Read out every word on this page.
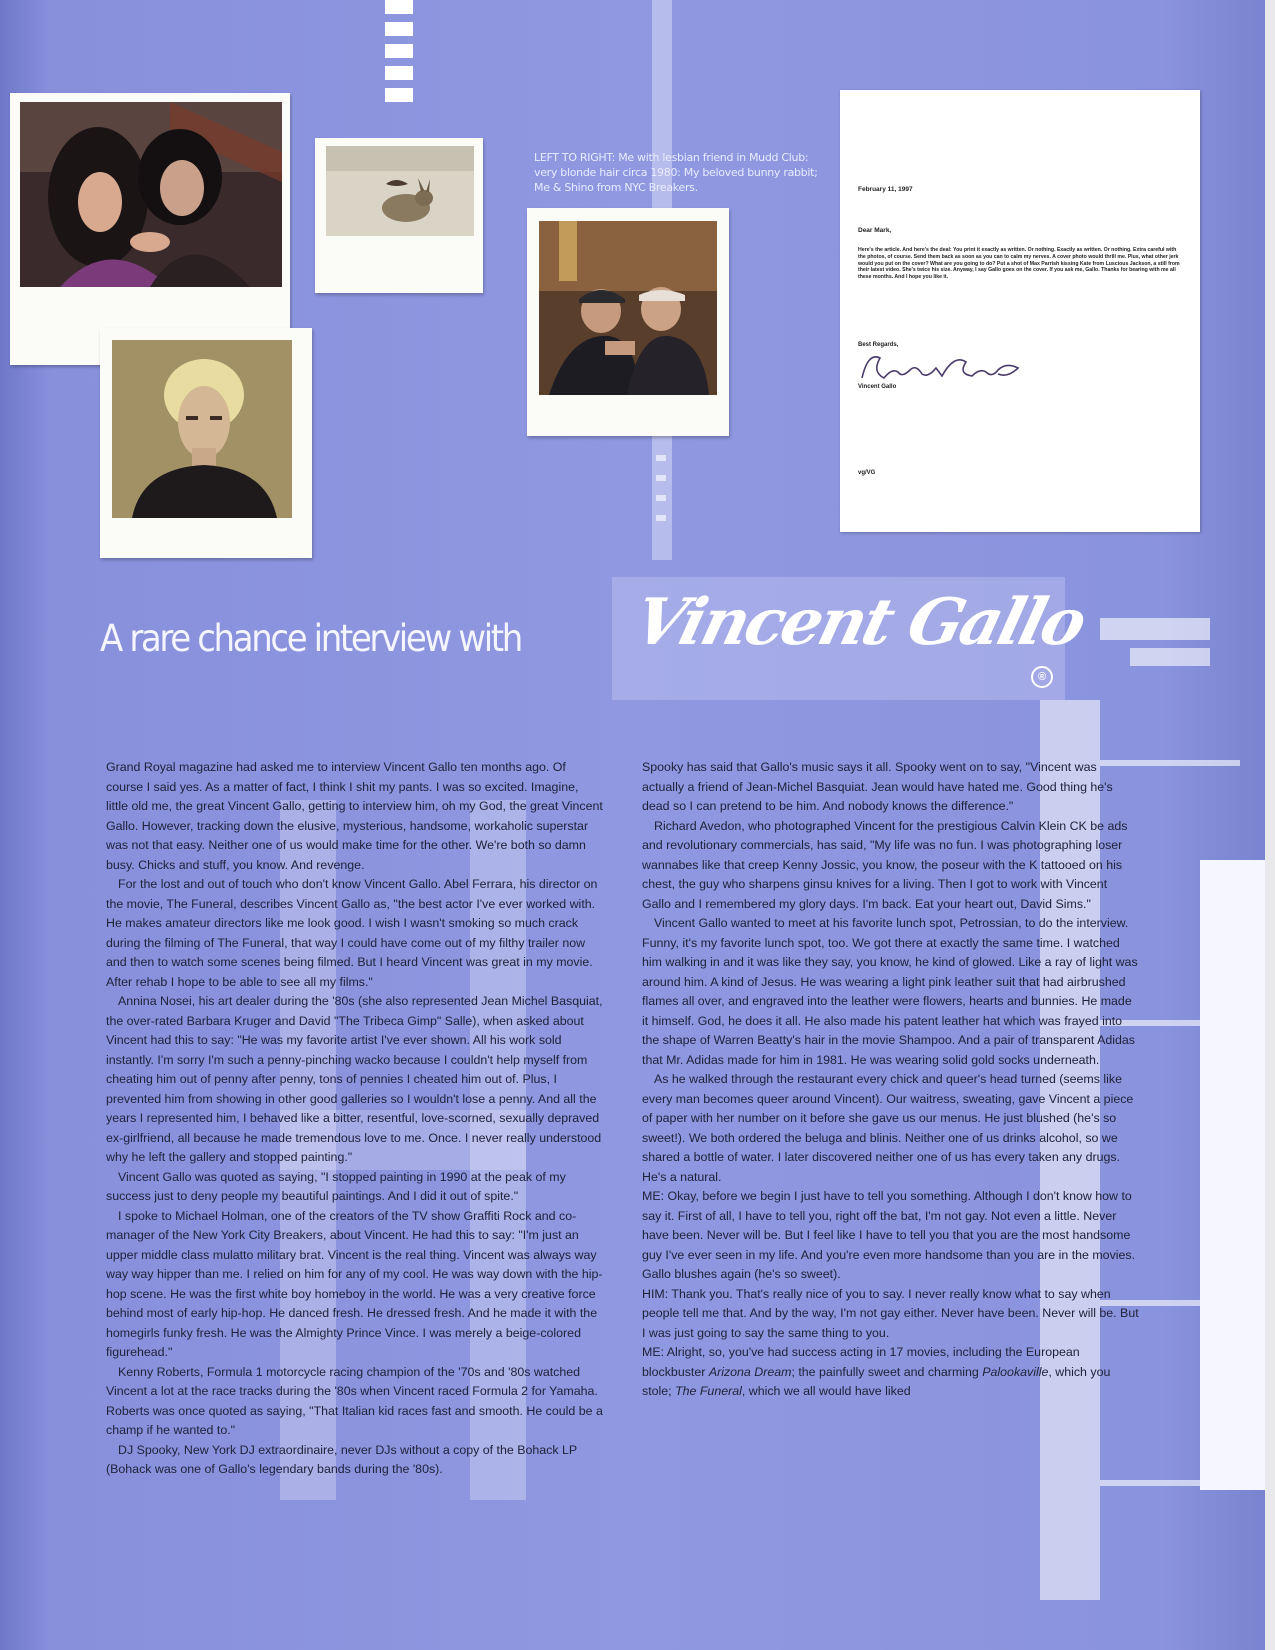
LEFT TO RIGHT: Me with lesbian friend in Mudd Club: very blonde hair circa 1980: My beloved bunny rabbit; Me & Shino from NYC Breakers.	February 11, 1997
Dear Mark,
Here's the article. And here's the deal: You print it exactly as written. Or nothing. Exactly as written. Or nothing. Extra careful with the photos, of course. Send them back as soon as you can to calm my nerves. A cover photo would thrill me. Plus, what other jerk would you put on the cover? What are you going to do? Put a shot of Max Parrish kissing Kate from Luscious Jackson, a still from their latest video. She's twice his size. Anyway, I say Gallo goes on the cover. If you ask me, Gallo. Thanks for bearing with me all these months. And I hope you like it.
Best Regards,
Vincent Gallo
vg/VG
A rare chance interview with Vincent Gallo
®

Grand Royal magazine had asked me to interview Vincent Gallo ten months ago. Of course I said yes. As a matter of fact, I think I shit my pants. I was so excited. Imagine, little old me, the great Vincent Gallo, getting to interview him, oh my God, the great Vincent Gallo. However, tracking down the elusive, mysterious, handsome, workaholic superstar was not that easy. Neither one of us would make time for the other. We're both so damn busy. Chicks and stuff, you know. And revenge.

For the lost and out of touch who don't know Vincent Gallo. Abel Ferrara, his director on the movie, The Funeral, describes Vincent Gallo as, "the best actor I've ever worked with. He makes amateur directors like me look good. I wish I wasn't smoking so much crack during the filming of The Funeral, that way I could have come out of my filthy trailer now and then to watch some scenes being filmed. But I heard Vincent was great in my movie. After rehab I hope to be able to see all my films."

Annina Nosei, his art dealer during the '80s (she also represented Jean Michel Basquiat, the over-rated Barbara Kruger and David "The Tribeca Gimp" Salle), when asked about Vincent had this to say: "He was my favorite artist I've ever shown. All his work sold instantly. I'm sorry I'm such a penny-pinching wacko because I couldn't help myself from cheating him out of penny after penny, tons of pennies I cheated him out of. Plus, I prevented him from showing in other good galleries so I wouldn't lose a penny. And all the years I represented him, I behaved like a bitter, resentful, love-scorned, sexually depraved ex-girlfriend, all because he made tremendous love to me. Once. I never really understood why he left the gallery and stopped painting."

Vincent Gallo was quoted as saying, "I stopped painting in 1990 at the peak of my success just to deny people my beautiful paintings. And I did it out of spite."

I spoke to Michael Holman, one of the creators of the TV show Graffiti Rock and co-manager of the New York City Breakers, about Vincent. He had this to say: "I'm just an upper middle class mulatto military brat. Vincent is the real thing. Vincent was always way way way hipper than me. I relied on him for any of my cool. He was way down with the hip-hop scene. He was the first white boy homeboy in the world. He was a very creative force behind most of early hip-hop. He danced fresh. He dressed fresh. And he made it with the homegirls funky fresh. He was the Almighty Prince Vince. I was merely a beige-colored figurehead."

Kenny Roberts, Formula 1 motorcycle racing champion of the '70s and '80s watched Vincent a lot at the race tracks during the '80s when Vincent raced Formula 2 for Yamaha. Roberts was once quoted as saying, "That Italian kid races fast and smooth. He could be a champ if he wanted to."

DJ Spooky, New York DJ extraordinaire, never DJs without a copy of the Bohack LP (Bohack was one of Gallo's legendary bands during the '80s).

Spooky has said that Gallo's music says it all. Spooky went on to say, "Vincent was actually a friend of Jean-Michel Basquiat. Jean would have hated me. Good thing he's dead so I can pretend to be him. And nobody knows the difference."

Richard Avedon, who photographed Vincent for the prestigious Calvin Klein CK be ads and revolutionary commercials, has said, "My life was no fun. I was photographing loser wannabes like that creep Kenny Jossic, you know, the poseur with the K tattooed on his chest, the guy who sharpens ginsu knives for a living. Then I got to work with Vincent Gallo and I remembered my glory days. I'm back. Eat your heart out, David Sims."

Vincent Gallo wanted to meet at his favorite lunch spot, Petrossian, to do the interview. Funny, it's my favorite lunch spot, too. We got there at exactly the same time. I watched him walking in and it was like they say, you know, he kind of glowed. Like a ray of light was around him. A kind of Jesus. He was wearing a light pink leather suit that had airbrushed flames all over, and engraved into the leather were flowers, hearts and bunnies. He made it himself. God, he does it all. He also made his patent leather hat which was frayed into the shape of Warren Beatty's hair in the movie Shampoo. And a pair of transparent Adidas that Mr. Adidas made for him in 1981. He was wearing solid gold socks underneath.

As he walked through the restaurant every chick and queer's head turned (seems like every man becomes queer around Vincent). Our waitress, sweating, gave Vincent a piece of paper with her number on it before she gave us our menus. He just blushed (he's so sweet!). We both ordered the beluga and blinis. Neither one of us drinks alcohol, so we shared a bottle of water. I later discovered neither one of us has every taken any drugs. He's a natural.

ME: Okay, before we begin I just have to tell you something. Although I don't know how to say it. First of all, I have to tell you, right off the bat, I'm not gay. Not even a little. Never have been. Never will be. But I feel like I have to tell you that you are the most handsome guy I've ever seen in my life. And you're even more handsome than you are in the movies.

Gallo blushes again (he's so sweet).

HIM: Thank you. That's really nice of you to say. I never really know what to say when people tell me that. And by the way, I'm not gay either. Never have been. Never will be. But I was just going to say the same thing to you.

ME: Alright, so, you've had success acting in 17 movies, including the European blockbuster Arizona Dream; the painfully sweet and charming Palookaville, which you stole; The Funeral, which we all would have liked
